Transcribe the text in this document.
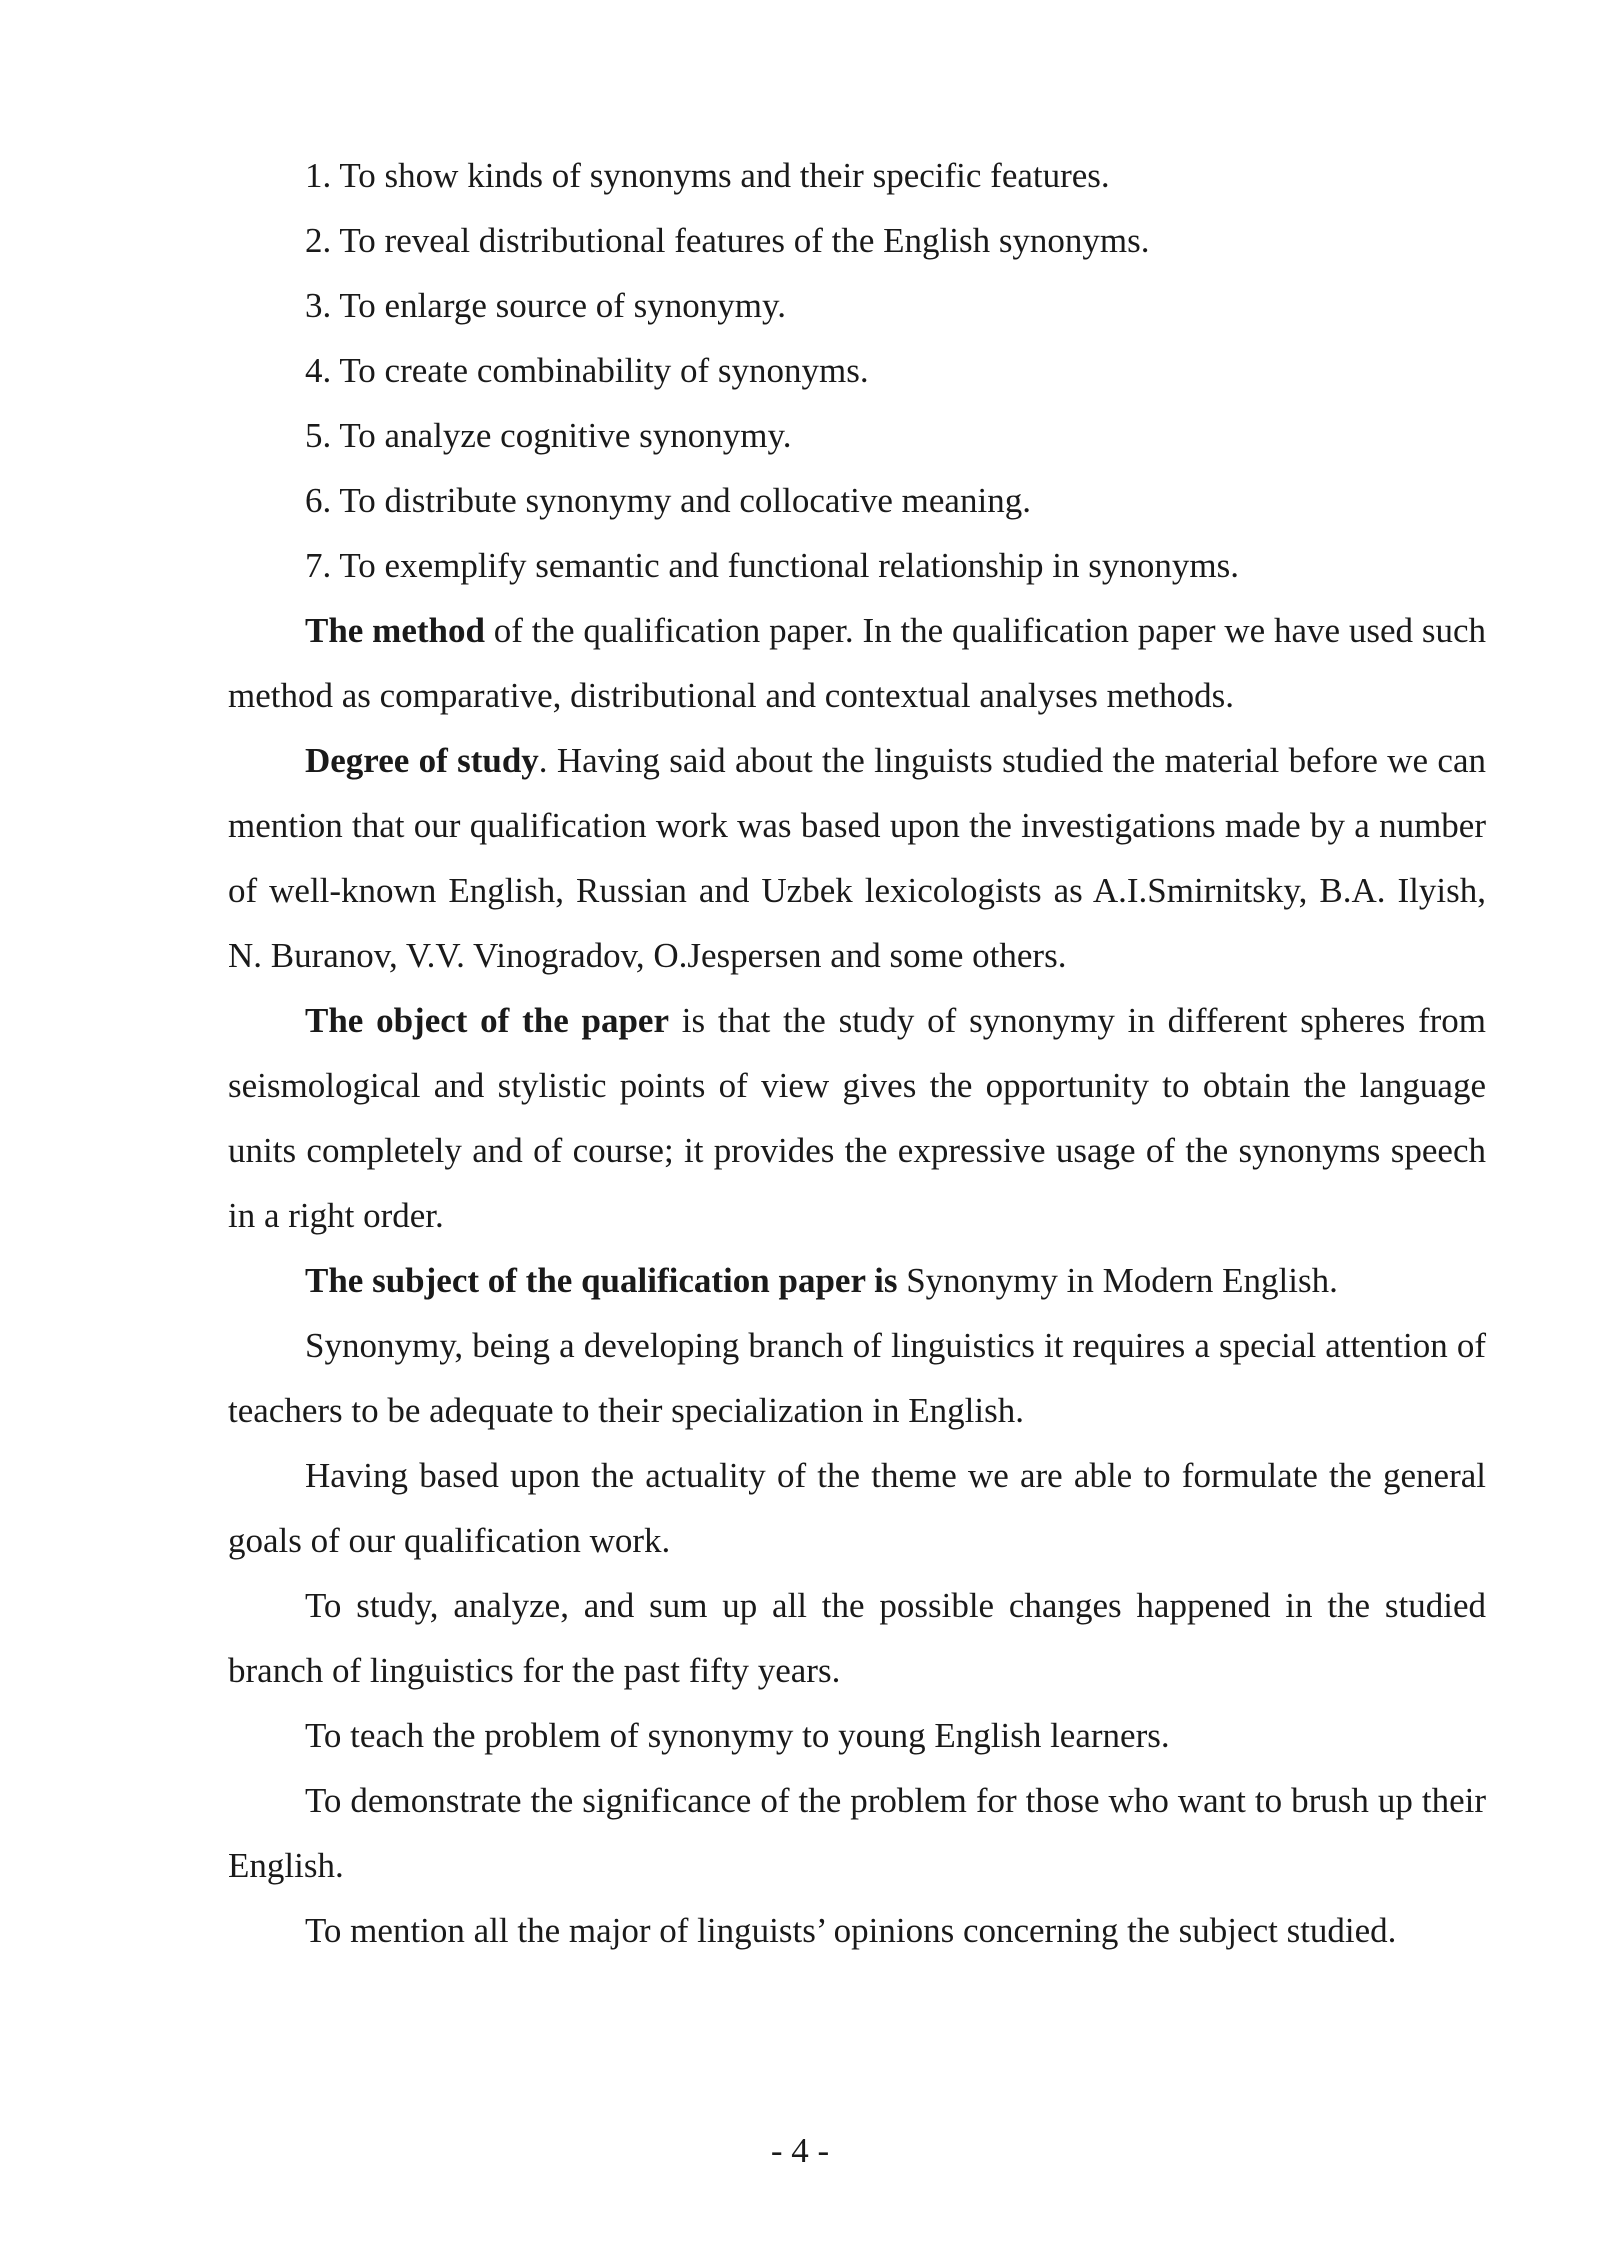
1. To show kinds of synonyms and their specific features.

2. To reveal distributional features of the English synonyms.

3. To enlarge source of synonymy.

4. To create combinability of synonyms.

5. To analyze cognitive synonymy.

6. To distribute synonymy and collocative meaning.

7. To exemplify semantic and functional relationship in synonyms.

The method of the qualification paper. In the qualification paper we have used such method as comparative, distributional and contextual analyses methods.

Degree of study. Having said about the linguists studied the material before we can mention that our qualification work was based upon the investigations made by a number of well-known English, Russian and Uzbek lexicologists as A.I.Smirnitsky, B.A. Ilyish, N. Buranov, V.V. Vinogradov, O.Jespersen and some others.

The object of the paper is that the study of synonymy in different spheres from seismological and stylistic points of view gives the opportunity to obtain the language units completely and of course; it provides the expressive usage of the synonyms speech in a right order.

The subject of the qualification paper is Synonymy in Modern English.

Synonymy, being a developing branch of linguistics it requires a special attention of teachers to be adequate to their specialization in English.

Having based upon the actuality of the theme we are able to formulate the general goals of our qualification work.

To study, analyze, and sum up all the possible changes happened in the studied branch of linguistics for the past fifty years.

To teach the problem of synonymy to young English learners.

To demonstrate the significance of the problem for those who want to brush up their English.

To mention all the major of linguists’ opinions concerning the subject studied.

- 4 -
